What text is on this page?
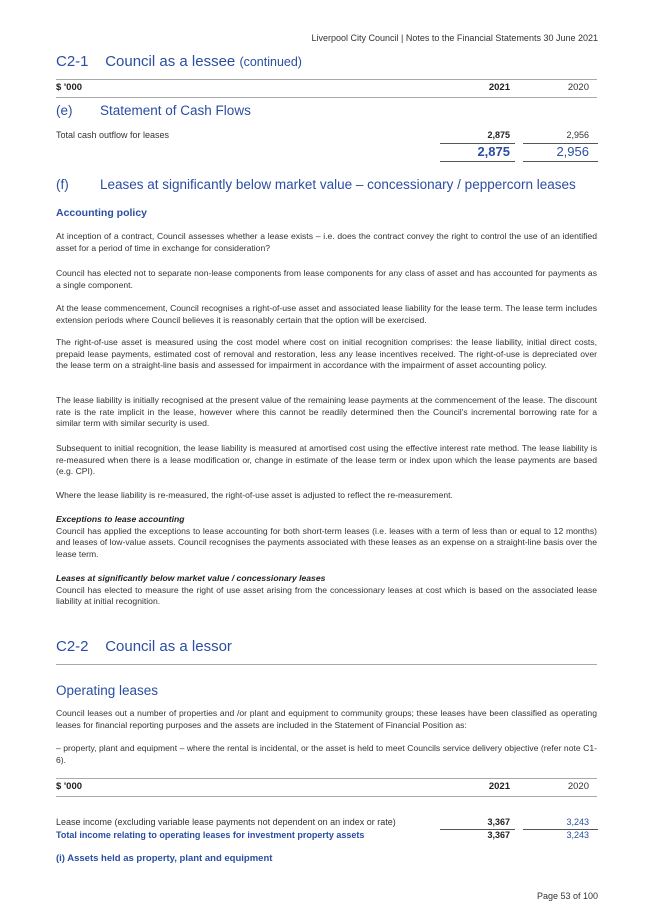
Liverpool City Council | Notes to the Financial Statements 30 June 2021
C2-1 Council as a lessee (continued)
$ '000	2021	2020
(e) Statement of Cash Flows
Total cash outflow for leases	2,875	2,956
2,875	2,956
(f) Leases at significantly below market value – concessionary / peppercorn leases
Accounting policy
At inception of a contract, Council assesses whether a lease exists – i.e. does the contract convey the right to control the use of an identified asset for a period of time in exchange for consideration?
Council has elected not to separate non-lease components from lease components for any class of asset and has accounted for payments as a single component.
At the lease commencement, Council recognises a right-of-use asset and associated lease liability for the lease term. The lease term includes extension periods where Council believes it is reasonably certain that the option will be exercised.
The right-of-use asset is measured using the cost model where cost on initial recognition comprises: the lease liability, initial direct costs, prepaid lease payments, estimated cost of removal and restoration, less any lease incentives received. The right-of-use is depreciated over the lease term on a straight-line basis and assessed for impairment in accordance with the impairment of asset accounting policy.
The lease liability is initially recognised at the present value of the remaining lease payments at the commencement of the lease. The discount rate is the rate implicit in the lease, however where this cannot be readily determined then the Council's incremental borrowing rate for a similar term with similar security is used.
Subsequent to initial recognition, the lease liability is measured at amortised cost using the effective interest rate method. The lease liability is re-measured when there is a lease modification or, change in estimate of the lease term or index upon which the lease payments are based (e.g. CPI).
Where the lease liability is re-measured, the right-of-use asset is adjusted to reflect the re-measurement.
Exceptions to lease accounting
Council has applied the exceptions to lease accounting for both short-term leases (i.e. leases with a term of less than or equal to 12 months) and leases of low-value assets. Council recognises the payments associated with these leases as an expense on a straight-line basis over the lease term.
Leases at significantly below market value / concessionary leases
Council has elected to measure the right of use asset arising from the concessionary leases at cost which is based on the associated lease liability at initial recognition.
C2-2 Council as a lessor
Operating leases
Council leases out a number of properties and /or plant and equipment to community groups; these leases have been classified as operating leases for financial reporting purposes and the assets are included in the Statement of Financial Position as:
– property, plant and equipment – where the rental is incidental, or the asset is held to meet Councils service delivery objective (refer note C1-6).
$ '000	2021	2020
Lease income (excluding variable lease payments not dependent on an index or rate)	3,367	3,243
Total income relating to operating leases for investment property assets	3,367	3,243
(i) Assets held as property, plant and equipment
Page 53 of 100
